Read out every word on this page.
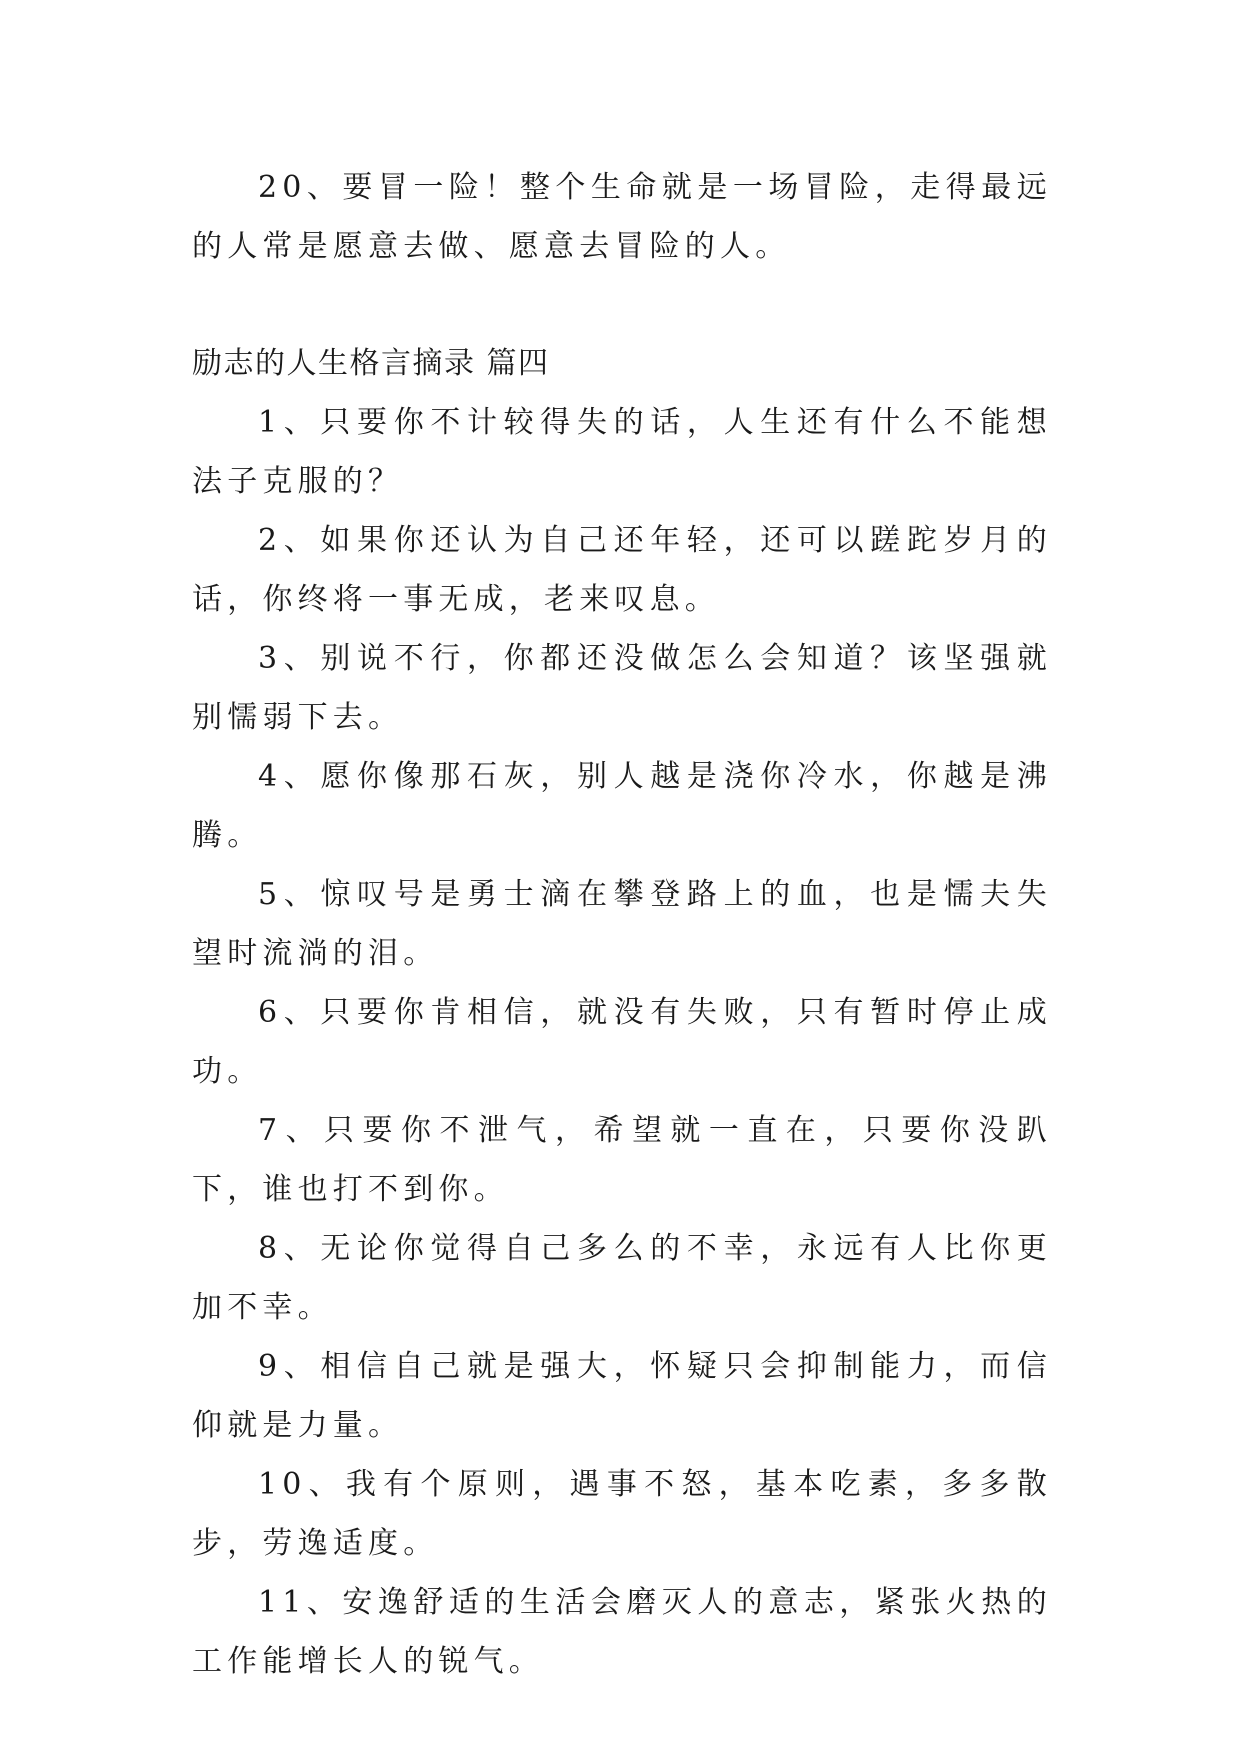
20、要冒一险！整个生命就是一场冒险，走得最远的人常是愿意去做、愿意去冒险的人。

励志的人生格言摘录 篇四

1、只要你不计较得失的话，人生还有什么不能想法子克服的？

2、如果你还认为自己还年轻，还可以蹉跎岁月的话，你终将一事无成，老来叹息。

3、别说不行，你都还没做怎么会知道？该坚强就别懦弱下去。

4、愿你像那石灰，别人越是浇你冷水，你越是沸腾。

5、惊叹号是勇士滴在攀登路上的血，也是懦夫失望时流淌的泪。

6、只要你肯相信，就没有失败，只有暂时停止成功。

7、只要你不泄气，希望就一直在，只要你没趴下，谁也打不到你。

8、无论你觉得自己多么的不幸，永远有人比你更加不幸。

9、相信自己就是强大，怀疑只会抑制能力，而信仰就是力量。

10、我有个原则，遇事不怒，基本吃素，多多散步，劳逸适度。

11、安逸舒适的生活会磨灭人的意志，紧张火热的工作能增长人的锐气。
